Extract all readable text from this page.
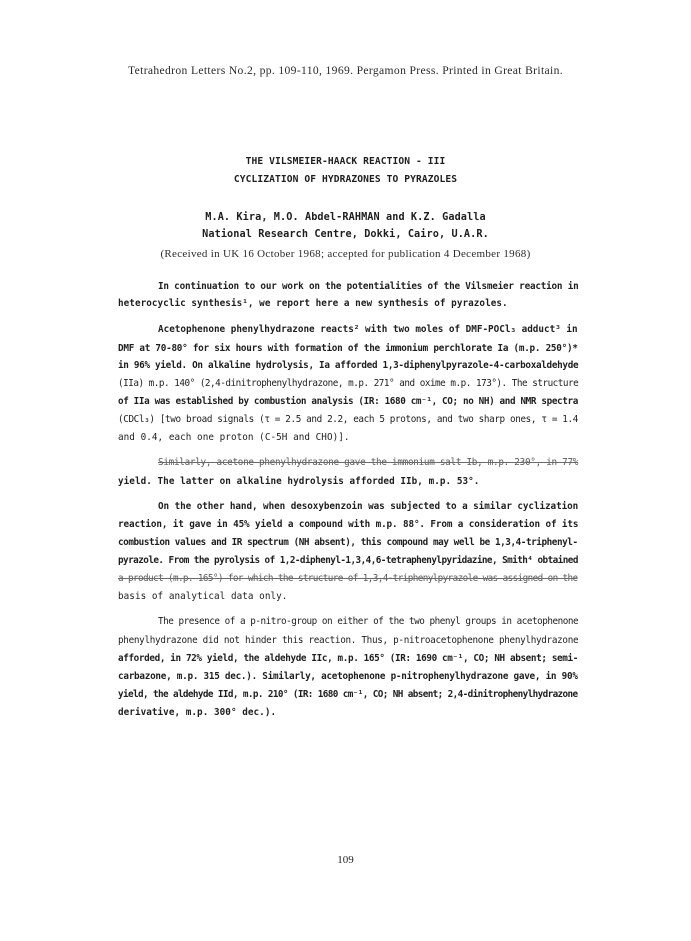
Tetrahedron Letters No.2, pp. 109-110, 1969. Pergamon Press. Printed in Great Britain.
THE VILSMEIER-HAACK REACTION - III
CYCLIZATION OF HYDRAZONES TO PYRAZOLES
M.A. Kira, M.O. Abdel-RAHMAN and K.Z. Gadalla
National Research Centre, Dokki, Cairo, U.A.R.
(Received in UK 16 October 1968; accepted for publication 4 December 1968)
In continuation to our work on the potentialities of the Vilsmeier reaction in
heterocyclic synthesis¹, we report here a new synthesis of pyrazoles.
Acetophenone phenylhydrazone reacts² with two moles of DMF-POCl₃ adduct³ in
DMF at 70-80° for six hours with formation of the immonium perchlorate Ia (m.p. 250°)*
in 96% yield. On alkaline hydrolysis, Ia afforded 1,3-diphenylpyrazole-4-carboxaldehyde
(IIa) m.p. 140° (2,4-dinitrophenylhydrazone, m.p. 271° and oxime m.p. 173°). The structure
of IIa was established by combustion analysis (IR: 1680 cm⁻¹, CO; no NH) and NMR spectra
(CDCl₃) [two broad signals (τ = 2.5 and 2.2, each 5 protons, and two sharp ones, τ = 1.4
and 0.4, each one proton (C-5H and CHO)].
Similarly, acetone phenylhydrazone gave the immonium salt Ib, m.p. 230°, in 77%
yield. The latter on alkaline hydrolysis afforded IIb, m.p. 53°.
On the other hand, when desoxybenzoin was subjected to a similar cyclization
reaction, it gave in 45% yield a compound with m.p. 88°. From a consideration of its
combustion values and IR spectrum (NH absent), this compound may well be 1,3,4-triphenyl-
pyrazole. From the pyrolysis of 1,2-diphenyl-1,3,4,6-tetraphenylpyridazine, Smith⁴ obtained
a product (m.p. 165°) for which the structure of 1,3,4-triphenylpyrazole was assigned on the
basis of analytical data only.
The presence of a p-nitro-group on either of the two phenyl groups in acetophenone
phenylhydrazone did not hinder this reaction. Thus, p-nitroacetophenone phenylhydrazone
afforded, in 72% yield, the aldehyde IIc, m.p. 165° (IR: 1690 cm⁻¹, CO; NH absent; semi-
carbazone, m.p. 315 dec.). Similarly, acetophenone p-nitrophenylhydrazone gave, in 90%
yield, the aldehyde IId, m.p. 210° (IR: 1680 cm⁻¹, CO; NH absent; 2,4-dinitrophenylhydrazone
derivative, m.p. 300° dec.).
109
